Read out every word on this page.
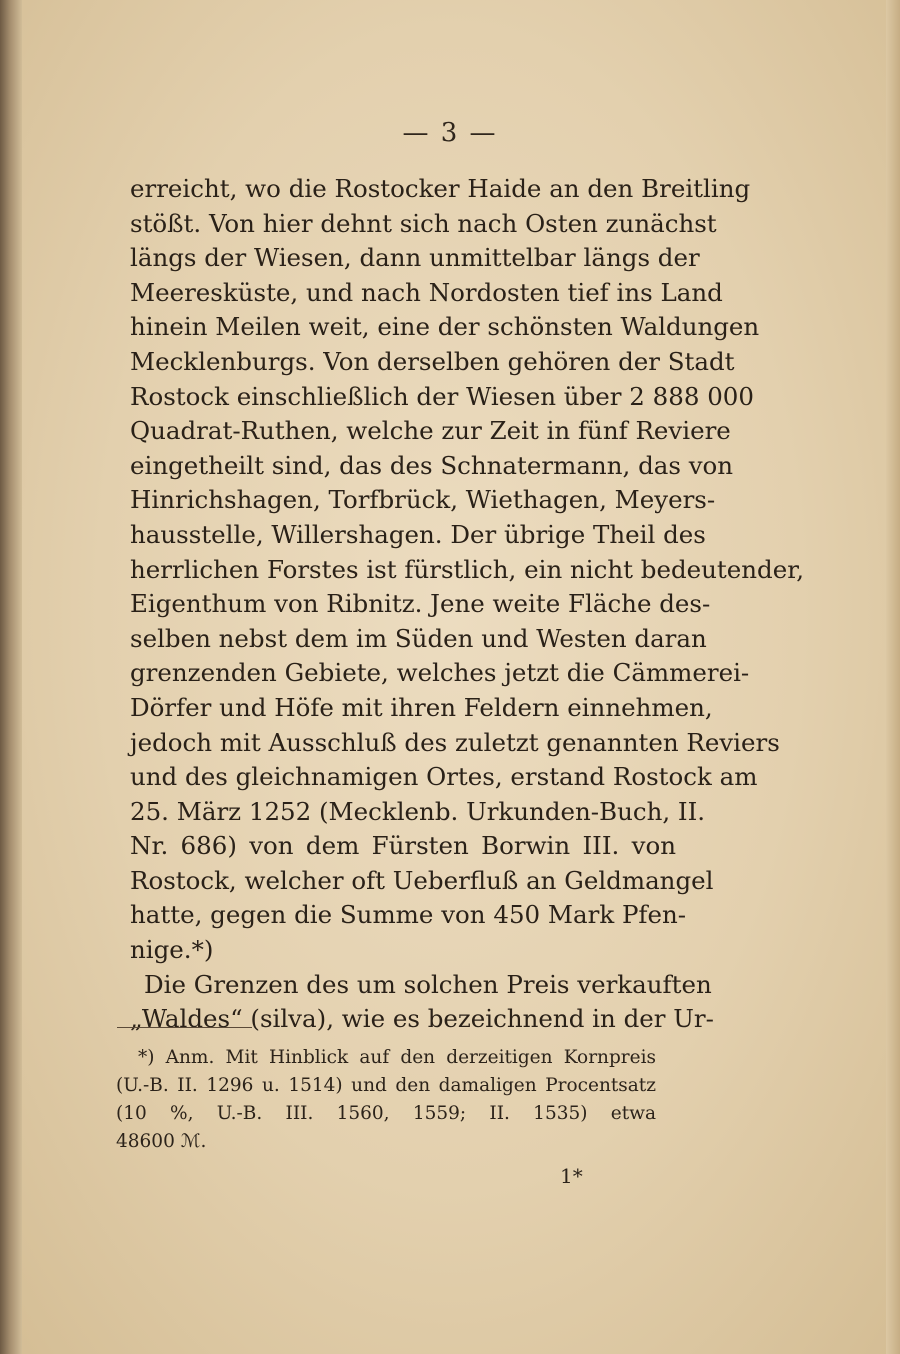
— 3 —
erreicht, wo die Rostocker Haide an den Breitling
stößt. Von hier dehnt sich nach Osten zunächst
längs der Wiesen, dann unmittelbar längs der
Meeresküste, und nach Nordosten tief ins Land
hinein Meilen weit, eine der schönsten Waldungen
Mecklenburgs. Von derselben gehören der Stadt
Rostock einschließlich der Wiesen über 2 888 000
Quadrat-Ruthen, welche zur Zeit in fünf Reviere
eingetheilt sind, das des Schnatermann, das von
Hinrichshagen, Torfbrück, Wiethagen, Meyers-
hausstelle, Willershagen. Der übrige Theil des
herrlichen Forstes ist fürstlich, ein nicht bedeutender,
Eigenthum von Ribnitz. Jene weite Fläche des-
selben nebst dem im Süden und Westen daran
grenzenden Gebiete, welches jetzt die Cämmerei-
Dörfer und Höfe mit ihren Feldern einnehmen,
jedoch mit Ausschluß des zuletzt genannten Reviers
und des gleichnamigen Ortes, erstand Rostock am
25. März 1252 (Mecklenb. Urkunden-Buch, II.
Nr. 686) von dem Fürsten Borwin III. von
Rostock, welcher oft Ueberfluß an Geldmangel
hatte, gegen die Summe von 450 Mark Pfen-
nige.*)
Die Grenzen des um solchen Preis verkauften
„Waldes“ (silva), wie es bezeichnend in der Ur-
*) Anm. Mit Hinblick auf den derzeitigen Kornpreis
(U.-B. II. 1296 u. 1514) und den damaligen Procentsatz
(10 %, U.-B. III. 1560, 1559; II. 1535) etwa
48600 ℳ.
1*
